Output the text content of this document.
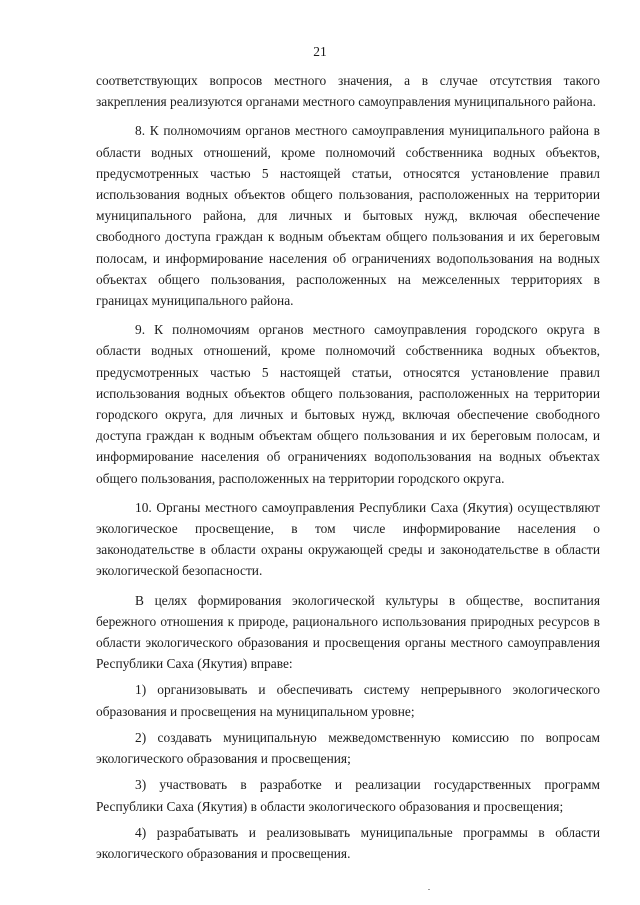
21

соответствующих вопросов местного значения, а в случае отсутствия такого закрепления реализуются органами местного самоуправления муниципального района.

8. К полномочиям органов местного самоуправления муниципального района в области водных отношений, кроме полномочий собственника водных объектов, предусмотренных частью 5 настоящей статьи, относятся установление правил использования водных объектов общего пользования, расположенных на территории муниципального района, для личных и бытовых нужд, включая обеспечение свободного доступа граждан к водным объектам общего пользования и их береговым полосам, и информирование населения об ограничениях водопользования на водных объектах общего пользования, расположенных на межселенных территориях в границах муниципального района.

9. К полномочиям органов местного самоуправления городского округа в области водных отношений, кроме полномочий собственника водных объектов, предусмотренных частью 5 настоящей статьи, относятся установление правил использования водных объектов общего пользования, расположенных на территории городского округа, для личных и бытовых нужд, включая обеспечение свободного доступа граждан к водным объектам общего пользования и их береговым полосам, и информирование населения об ограничениях водопользования на водных объектах общего пользования, расположенных на территории городского округа.

10. Органы местного самоуправления Республики Саха (Якутия) осуществляют экологическое просвещение, в том числе информирование населения о законодательстве в области охраны окружающей среды и законодательстве в области экологической безопасности.

В целях формирования экологической культуры в обществе, воспитания бережного отношения к природе, рационального использования природных ресурсов в области экологического образования и просвещения органы местного самоуправления Республики Саха (Якутия) вправе:

1) организовывать и обеспечивать систему непрерывного экологического образования и просвещения на муниципальном уровне;

2) создавать муниципальную межведомственную комиссию по вопросам экологического образования и просвещения;

3) участвовать в разработке и реализации государственных программ Республики Саха (Якутия) в области экологического образования и просвещения;

4) разрабатывать и реализовывать муниципальные программы в области экологического образования и просвещения.
